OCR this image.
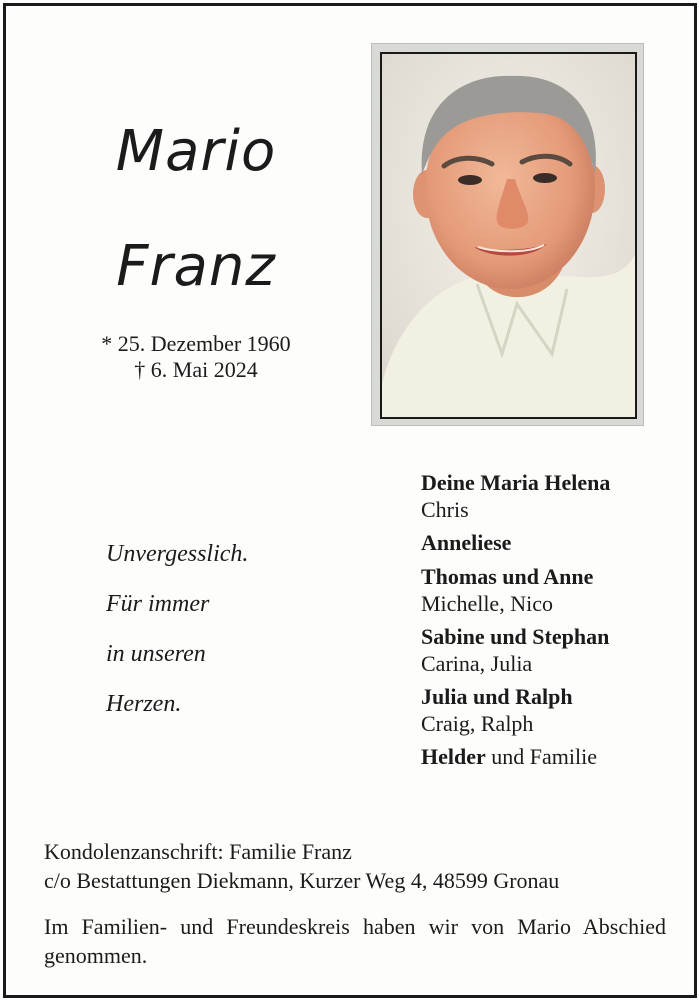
Mario
Franz
* 25. Dezember 1960
† 6. Mai 2024
Unvergesslich.
Für immer
in unseren
Herzen.
Deine Maria Helena
Chris
Anneliese
Thomas und Anne
Michelle, Nico
Sabine und Stephan
Carina, Julia
Julia und Ralph
Craig, Ralph
Helder und Familie
Kondolenzanschrift: Familie Franz
c/o Bestattungen Diekmann, Kurzer Weg 4, 48599 Gronau
Im Familien- und Freundeskreis haben wir von Mario Abschied genommen.
